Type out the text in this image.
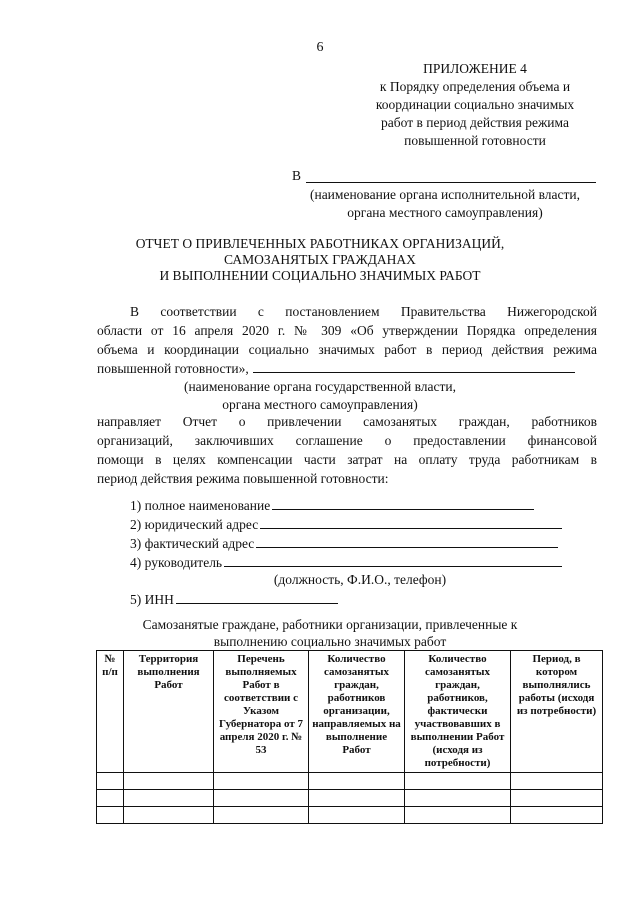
6
ПРИЛОЖЕНИЕ 4
к Порядку определения объема и
координации социально значимых
работ в период действия режима
повышенной готовности
В
(наименование органа исполнительной власти,
органа местного самоуправления)
ОТЧЕТ О ПРИВЛЕЧЕННЫХ РАБОТНИКАХ ОРГАНИЗАЦИЙ,
САМОЗАНЯТЫХ ГРАЖДАНАХ
И ВЫПОЛНЕНИИ СОЦИАЛЬНО ЗНАЧИМЫХ РАБОТ
В соответствии с постановлением Правительства Нижегородской
области от 16 апреля 2020 г. № 309 «Об утверждении Порядка определения
объема и координации социально значимых работ в период действия режима
повышенной готовности»,
(наименование органа государственной власти,
органа местного самоуправления)
направляет Отчет о привлечении самозанятых граждан, работников
организаций, заключивших соглашение о предоставлении финансовой
помощи в целях компенсации части затрат на оплату труда работникам в
период действия режима повышенной готовности:
1) полное наименование
2) юридический адрес
3) фактический адрес
4) руководитель
(должность, Ф.И.О., телефон)
5) ИНН
Самозанятые граждане, работники организации, привлеченные к
выполнению социально значимых работ
№ п/п	Территория выполнения Работ	Перечень выполняемых Работ в соответствии с Указом Губернатора от 7 апреля 2020 г. № 53	Количество самозанятых граждан, работников организации, направляемых на выполнение Работ	Количество самозанятых граждан, работников, фактически участвовавших в выполнении Работ (исходя из потребности)	Период, в котором выполнялись работы (исходя из потребности)
